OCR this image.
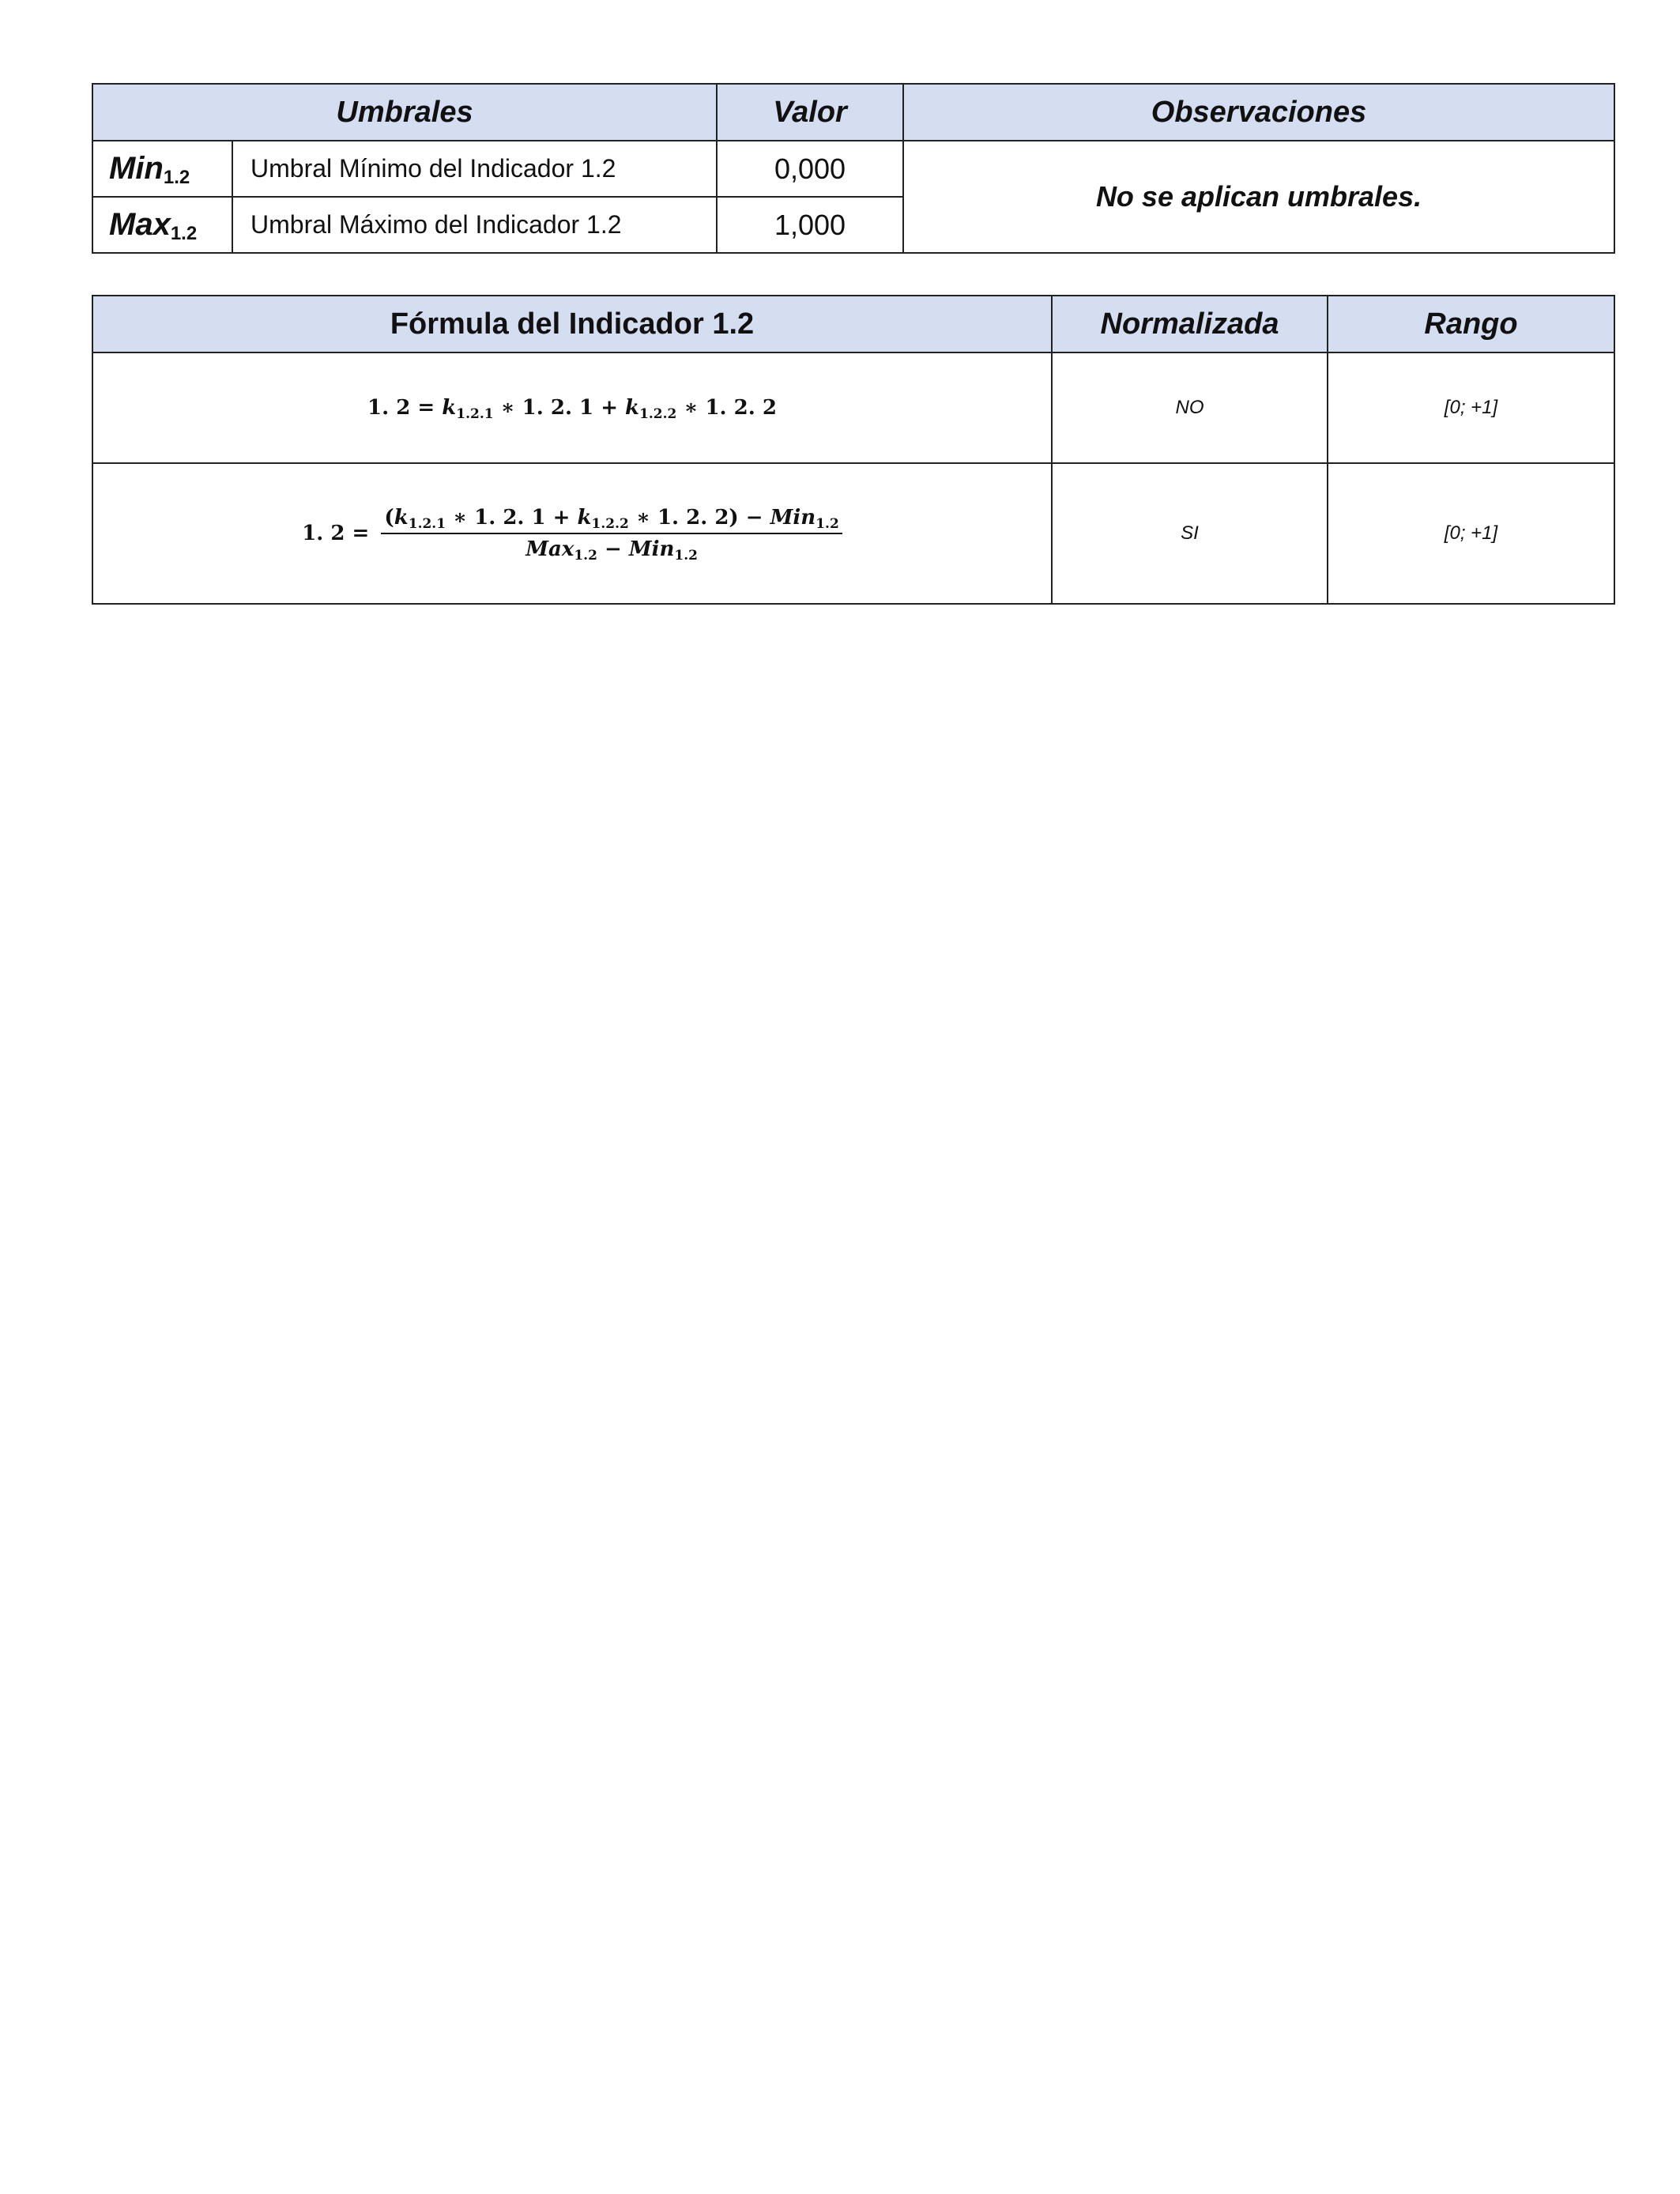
Umbrales		Valor	Observaciones
Min$_{1.2}$	Umbral Mínimo del Indicador 1.2	0,000	No se aplican umbrales.
Max$_{1.2}$	Umbral Máximo del Indicador 1.2	1,000	
Fórmula del Indicador 1.2	Normalizada	Rango
1. $2 = k_{1.2.1}$ ∗ 1. 2. $1 + k_{1.2.2}$ ∗ 1. 2. 2	NO	[0; +1]
1. $2 = \frac{(k_{1.2.1} ∗ 1. 2. 1 + k_{1.2.2} ∗ 1. 2. 2) - Min_{1.2}}{Max_{1.2} - Min_{1.2}}$	SI	[0; +1]
